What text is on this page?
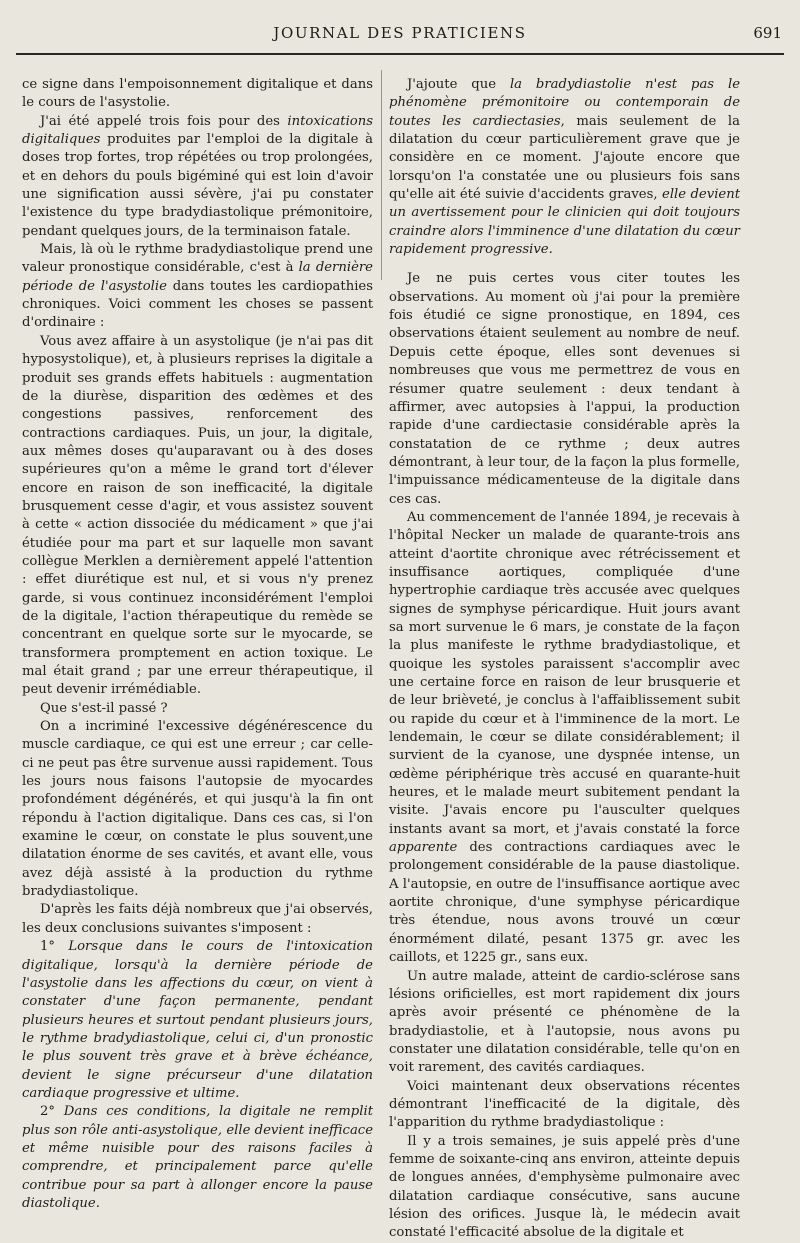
JOURNAL DES PRATICIENS	691

ce signe dans l'empoisonnement digitalique et dans le cours de l'asystolie.

J'ai été appelé trois fois pour des intoxications digitaliques produites par l'emploi de la digitale à doses trop fortes, trop répétées ou trop prolongées, et en dehors du pouls bigéminé qui est loin d'avoir une signification aussi sévère, j'ai pu constater l'existence du type bradydiastolique prémonitoire, pendant quelques jours, de la terminaison fatale.

Mais, là où le rythme bradydiastolique prend une valeur pronostique considérable, c'est à la dernière période de l'asystolie dans toutes les cardiopathies chroniques. Voici comment les choses se passent d'ordinaire :

Vous avez affaire à un asystolique (je n'ai pas dit hyposystolique), et, à plusieurs reprises la digitale a produit ses grands effets habituels : augmentation de la diurèse, disparition des œdèmes et des congestions passives, renforcement des contractions cardiaques. Puis, un jour, la digitale, aux mêmes doses qu'auparavant ou à des doses supérieures qu'on a même le grand tort d'élever encore en raison de son inefficacité, la digitale brusquement cesse d'agir, et vous assistez souvent à cette « action dissociée du médicament » que j'ai étudiée pour ma part et sur laquelle mon savant collègue Merklen a dernièrement appelé l'attention : effet diurétique est nul, et si vous n'y prenez garde, si vous continuez inconsidérément l'emploi de la digitale, l'action thérapeutique du remède se concentrant en quelque sorte sur le myocarde, se transformera promptement en action toxique. Le mal était grand ; par une erreur thérapeutique, il peut devenir irrémédiable.

Que s'est-il passé ?

On a incriminé l'excessive dégénérescence du muscle cardiaque, ce qui est une erreur ; car celle-ci ne peut pas être survenue aussi rapidement. Tous les jours nous faisons l'autopsie de myocardes profondément dégénérés, et qui jusqu'à la fin ont répondu à l'action digitalique. Dans ces cas, si l'on examine le cœur, on constate le plus souvent,une dilatation énorme de ses cavités, et avant elle, vous avez déjà assisté à la production du rythme bradydiastolique.

D'après les faits déjà nombreux que j'ai observés, les deux conclusions suivantes s'imposent :

1° Lorsque dans le cours de l'intoxication digitalique, lorsqu'à la dernière période de l'asystolie dans les affections du cœur, on vient à constater d'une façon permanente, pendant plusieurs heures et surtout pendant plusieurs jours, le rythme bradydiastolique, celui ci, d'un pronostic le plus souvent très grave et à brève échéance, devient le signe précurseur d'une dilatation cardiaque progressive et ultime.

2° Dans ces conditions, la digitale ne remplit plus son rôle anti-asystolique, elle devient inefficace et même nuisible pour des raisons faciles à comprendre, et principalement parce qu'elle contribue pour sa part à allonger encore la pause diastolique.

J'ajoute que la bradydiastolie n'est pas le phénomène prémonitoire ou contemporain de toutes les cardiectasies, mais seulement de la dilatation du cœur particulièrement grave que je considère en ce moment. J'ajoute encore que lorsqu'on l'a constatée une ou plusieurs fois sans qu'elle ait été suivie d'accidents graves, elle devient un avertissement pour le clinicien qui doit toujours craindre alors l'imminence d'une dilatation du cœur rapidement progressive.

Je ne puis certes vous citer toutes les observations. Au moment où j'ai pour la première fois étudié ce signe pronostique, en 1894, ces observations étaient seulement au nombre de neuf. Depuis cette époque, elles sont devenues si nombreuses que vous me permettrez de vous en résumer quatre seulement : deux tendant à affirmer, avec autopsies à l'appui, la production rapide d'une cardiectasie considérable après la constatation de ce rythme ; deux autres démontrant, à leur tour, de la façon la plus formelle, l'impuissance médicamenteuse de la digitale dans ces cas.

Au commencement de l'année 1894, je recevais à l'hôpital Necker un malade de quarante-trois ans atteint d'aortite chronique avec rétrécissement et insuffisance aortiques, compliquée d'une hypertrophie cardiaque très accusée avec quelques signes de symphyse péricardique. Huit jours avant sa mort survenue le 6 mars, je constate de la façon la plus manifeste le rythme bradydiastolique, et quoique les systoles paraissent s'accomplir avec une certaine force en raison de leur brusquerie et de leur brièveté, je conclus à l'affaiblissement subit ou rapide du cœur et à l'imminence de la mort. Le lendemain, le cœur se dilate considérablement; il survient de la cyanose, une dyspnée intense, un œdème périphérique très accusé en quarante-huit heures, et le malade meurt subitement pendant la visite. J'avais encore pu l'ausculter quelques instants avant sa mort, et j'avais constaté la force apparente des contractions cardiaques avec le prolongement considérable de la pause diastolique. A l'autopsie, en outre de l'insuffisance aortique avec aortite chronique, d'une symphyse péricardique très étendue, nous avons trouvé un cœur énormément dilaté, pesant 1375 gr. avec les caillots, et 1225 gr., sans eux.

Un autre malade, atteint de cardio-sclérose sans lésions orificielles, est mort rapidement dix jours après avoir présenté ce phénomène de la bradydiastolie, et à l'autopsie, nous avons pu constater une dilatation considérable, telle qu'on en voit rarement, des cavités cardiaques.

Voici maintenant deux observations récentes démontrant l'inefficacité de la digitale, dès l'apparition du rythme bradydiastolique :

Il y a trois semaines, je suis appelé près d'une femme de soixante-cinq ans environ, atteinte depuis de longues années, d'emphysème pulmonaire avec dilatation cardiaque consécutive, sans aucune lésion des orifices. Jusque là, le médecin avait constaté l'efficacité absolue de la digitale et
